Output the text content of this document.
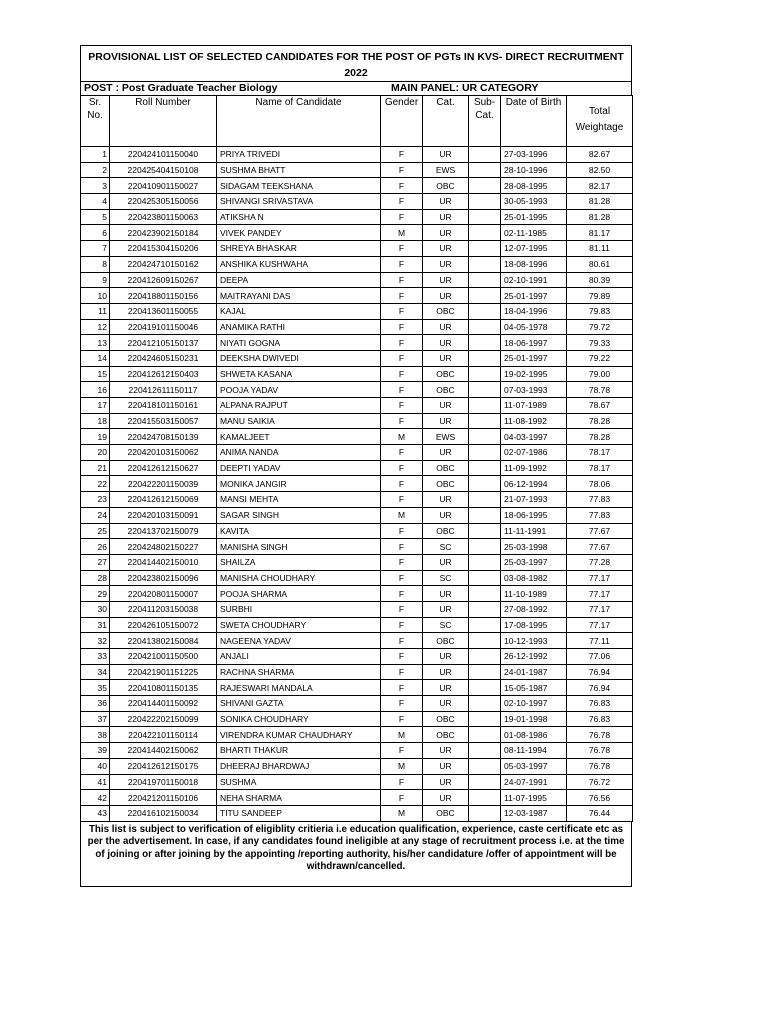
PROVISIONAL LIST OF SELECTED CANDIDATES FOR THE POST OF PGTs IN KVS- DIRECT RECRUITMENT 2022
POST : Post Graduate Teacher Biology	MAIN PANEL: UR CATEGORY
Sr. No.	Roll Number	Name of Candidate	Gender	Cat.	Sub-Cat.	Date of Birth	Total Weightage
1	220424101150040	PRIYA TRIVEDI	F	UR		27-03-1996	82.67
2	220425404150108	SUSHMA BHATT	F	EWS		28-10-1996	82.50
3	220410901150027	SIDAGAM TEEKSHANA	F	OBC		28-08-1995	82.17
4	220425305150056	SHIVANGI SRIVASTAVA	F	UR		30-05-1993	81.28
5	220423801150063	ATIKSHA N	F	UR		25-01-1995	81.28
6	220423902150184	VIVEK PANDEY	M	UR		02-11-1985	81.17
7	220415304150206	SHREYA BHASKAR	F	UR		12-07-1995	81.11
8	220424710150162	ANSHIKA KUSHWAHA	F	UR		18-08-1996	80.61
9	220412609150267	DEEPA	F	UR		02-10-1991	80.39
10	220418801150156	MAITRAYANI DAS	F	UR		25-01-1997	79.89
11	220413601150055	KAJAL	F	OBC		18-04-1996	79.83
12	220419101150046	ANAMIKA RATHI	F	UR		04-05-1978	79.72
13	220412105150137	NIYATI GOGNA	F	UR		18-06-1997	79.33
14	220424605150231	DEEKSHA DWIVEDI	F	UR		25-01-1997	79.22
15	220412612150403	SHWETA KASANA	F	OBC		19-02-1995	79.00
16	220412611150117	POOJA YADAV	F	OBC		07-03-1993	78.78
17	220418101150161	ALPANA RAJPUT	F	UR		11-07-1989	78.67
18	220415503150057	MANU SAIKIA	F	UR		11-08-1992	78.28
19	220424708150139	KAMALJEET	M	EWS		04-03-1997	78.28
20	220420103150062	ANIMA NANDA	F	UR		02-07-1986	78.17
21	220412612150627	DEEPTI YADAV	F	OBC		11-09-1992	78.17
22	220422201150039	MONIKA JANGIR	F	OBC		06-12-1994	78.06
23	220412612150069	MANSI MEHTA	F	UR		21-07-1993	77.83
24	220420103150091	SAGAR SINGH	M	UR		18-06-1995	77.83
25	220413702150079	KAVITA	F	OBC		11-11-1991	77.67
26	220424802150227	MANISHA SINGH	F	SC		25-03-1998	77.67
27	220414402150010	SHAILZA	F	UR		25-03-1997	77.28
28	220423802150096	MANISHA CHOUDHARY	F	SC		03-08-1982	77.17
29	220420801150007	POOJA SHARMA	F	UR		11-10-1989	77.17
30	220411203150038	SURBHI	F	UR		27-08-1992	77.17
31	220426105150072	SWETA CHOUDHARY	F	SC		17-08-1995	77.17
32	220413802150084	NAGEENA YADAV	F	OBC		10-12-1993	77.11
33	220421001150500	ANJALI	F	UR		26-12-1992	77.06
34	220421901151225	RACHNA SHARMA	F	UR		24-01-1987	76.94
35	220410801150135	RAJESWARI MANDALA	F	UR		15-05-1987	76.94
36	220414401150092	SHIVANI GAZTA	F	UR		02-10-1997	76.83
37	220422202150099	SONIKA CHOUDHARY	F	OBC		19-01-1998	76.83
38	220422101150114	VIRENDRA KUMAR CHAUDHARY	M	OBC		01-08-1986	76.78
39	220414402150062	BHARTI THAKUR	F	UR		08-11-1994	76.78
40	220412612150175	DHEERAJ BHARDWAJ	M	UR		05-03-1997	76.78
41	220419701150018	SUSHMA	F	UR		24-07-1991	76.72
42	220421201150106	NEHA SHARMA	F	UR		11-07-1995	76.56
43	220416102150034	TITU SANDEEP	M	OBC		12-03-1987	76.44
This list is subject to verification of eligiblity critieria i.e education qualification, experience, caste certificate etc as per the advertisement. In case, if any candidates found ineligible at any stage of recruitment process i.e. at the time of joining or after joining by the appointing /reporting authority, his/her candidature /offer of appointment will be withdrawn/cancelled.
